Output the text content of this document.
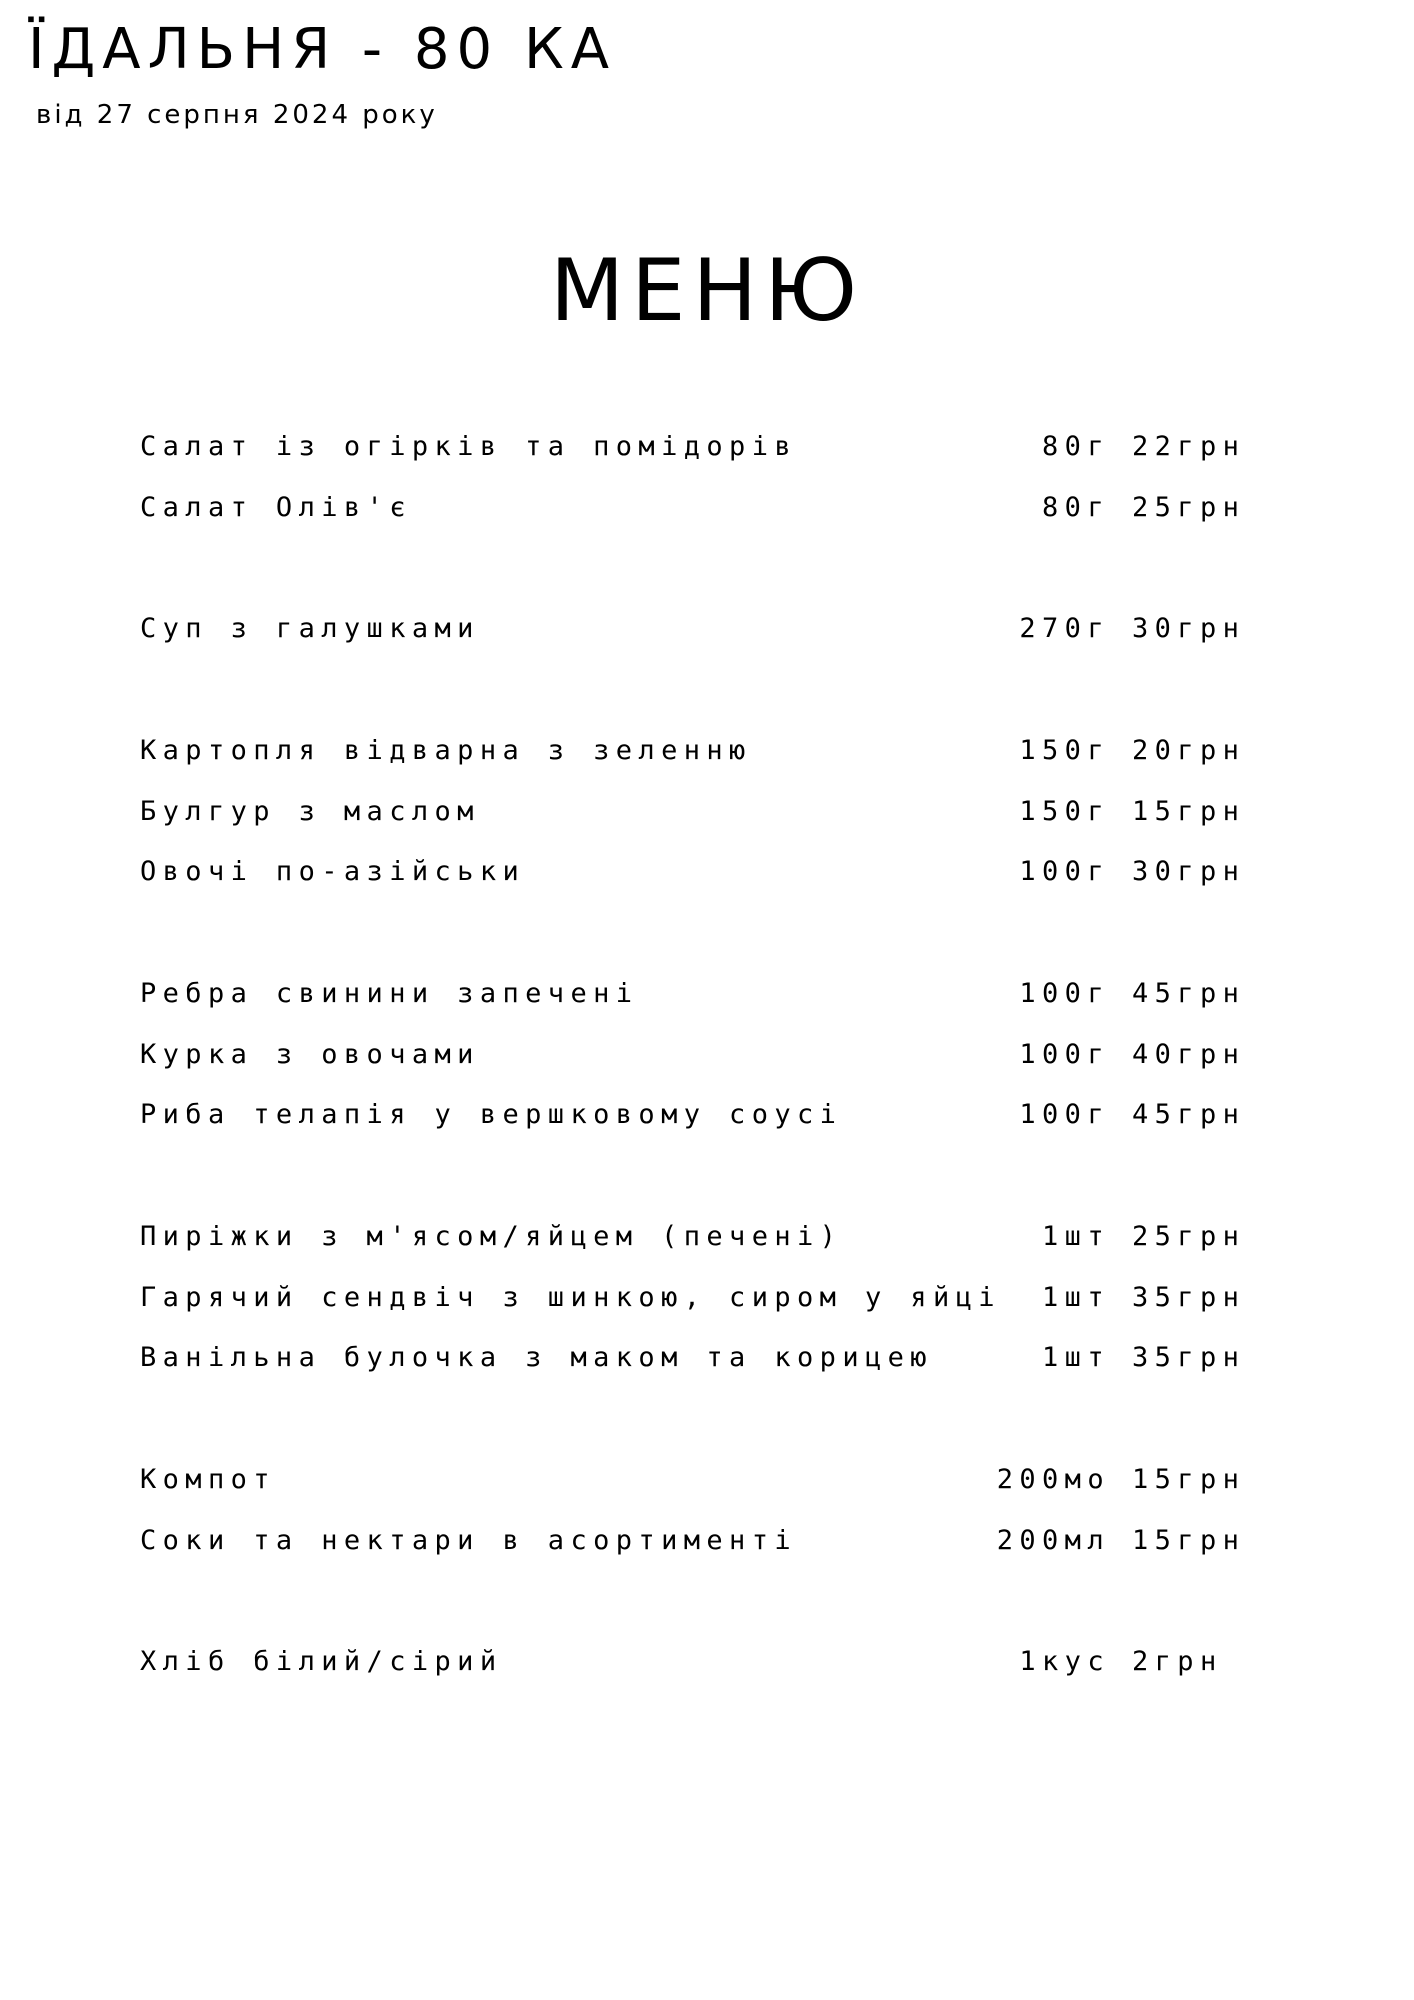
ЇДАЛЬНЯ - 80 КА
від 27 серпня 2024 року
МЕНЮ
Салат із огірків та помідорів	80г 22грн
Салат Олів'є	80г 25грн
Суп з галушками	270г 30грн
Картопля відварна з зеленню	150г 20грн
Булгур з маслом	150г 15грн
Овочі по-азійськи	100г 30грн
Ребра свинини запечені	100г 45грн
Курка з овочами	100г 40грн
Риба телапія у вершковому соусі	100г 45грн
Пиріжки з м'ясом/яйцем (печені)	1шт 25грн
Гарячий сендвіч з шинкою, сиром у яйці 1шт 35грн
Ванільна булочка з маком та корицею	1шт 35грн
Компот	200мо 15грн
Соки та нектари в асортименті	200мл 15грн
Хліб білий/сірий	1кус 2грн
